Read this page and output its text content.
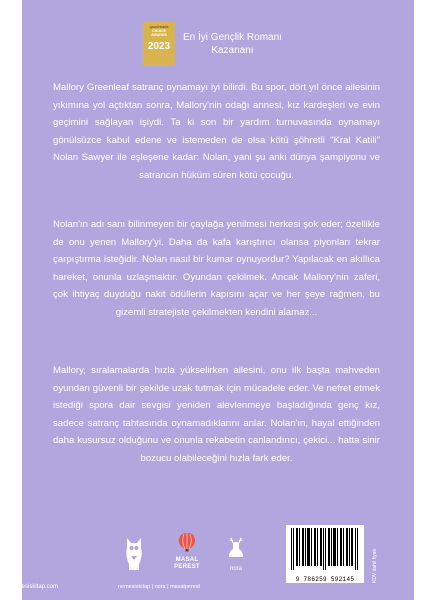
goodreads
CHOICE
AWARDS
2023
En İyi Gençlik Romanı
Kazananı

Mallory Greenleaf satranç oynamayı iyi bilirdi. Bu spor, dört yıl önce ailesinin yıkımına yol açtıktan sonra, Mallory'nin odağı annesi, kız kardeşleri ve evin geçimini sağlayan işiydi. Ta ki son bir yardım turnuvasında oynamayı gönülsüzce kabul edene ve istemeden de olsa kötü şöhretli "Kral Katili" Nolan Sawyer ile eşleşene kadar: Nolan, yani şu anki dünya şampiyonu ve satrancın hüküm süren kötü çocuğu.

Nolan'ın adı sanı bilinmeyen bir çaylağa yenilmesi herkesi şok eder; özellikle de onu yenen Mallory'yi. Daha da kafa karıştırıcı olansa piyonları tekrar çarpıştırma isteğidir. Nolan nasıl bir kumar oynuyordur? Yapılacak en akıllıca hareket, onunla uzlaşmaktır. Oyundan çekilmek. Ancak Mallory'nin zaferi, çok ihtiyaç duyduğu nakit ödüllerin kapısını açar ve her şeye rağmen, bu gizemli stratejiste çekilmekten kendini alamaz...

Mallory, sıralamalarda hızla yükselirken ailesini, onu ilk başta mahveden oyundan güvenli bir şekilde uzak tutmak için mücadele eder. Ve nefret etmek istediği spora dair sevgisi yeniden alevlenmeye başladığında genç kız, sadece satranç tahtasında oynamadıklarını anlar. Nolan'ın, hayal ettiğinden daha kusursuz olduğunu ve onunla rekabetin canlandırıcı, çekici... hatta sinir bozucu olabileceğini hızla fark eder.

MASAL
PEREST	nora
9 786259 592145	KDV dahil fiyatı
nemesiskitap.com	nemesiskitap | nora | masalperest
